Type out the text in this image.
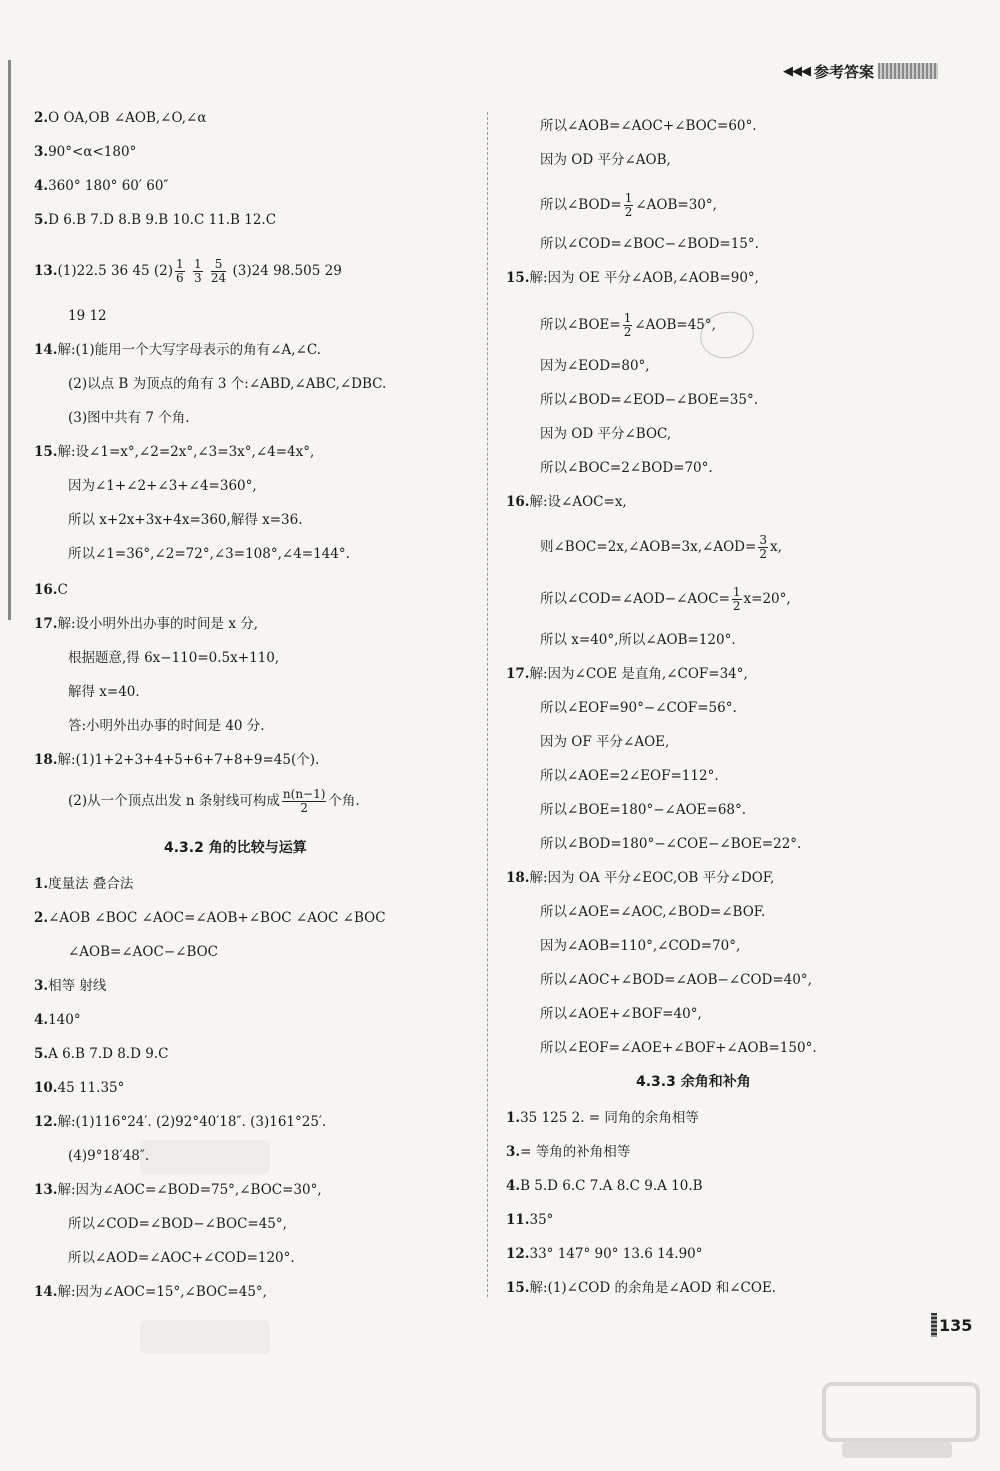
◀◀◀ 参考答案
2.O OA,OB ∠AOB,∠O,∠α
3.90°<α<180°
4.360° 180° 60′ 60″
5.D 6.B 7.D 8.B 9.B 10.C 11.B 12.C
13.(1)22.5 36 45 $(2) \frac{1}{6}$
$\frac{1}{3}$
$\frac{5}{24} (3)24$ 98.505 29
19 12
14.解:(1)能用一个大写字母表示的角有∠A,∠C.
(2)以点 B 为顶点的角有 3 个:∠ABD,∠ABC,∠DBC.
(3)图中共有 7 个角.
15.解:设∠1=x°,∠2=2x°,∠3=3x°,∠4=4x°,
因为∠1+∠2+∠3+∠4=360°,
所以 x+2x+3x+4x=360,解得 x=36.
所以∠1=36°,∠2=72°,∠3=108°,∠4=144°.
16.C
17.解:设小明外出办事的时间是 x 分,
根据题意,得 6x−110=0.5x+110,
解得 x=40.
答:小明外出办事的时间是 40 分.
18.解:(1)1+2+3+4+5+6+7+8+9=45(个).
(2)从一个顶点出发 n 条射线可构成 $\frac{n(n-1)}{2}$ 个角.
4.3.2 角的比较与运算
1.度量法 叠合法
2.∠AOB ∠BOC ∠AOC=∠AOB+∠BOC ∠AOC ∠BOC
∠AOB=∠AOC−∠BOC
3.相等 射线
4.140°
5.A 6.B 7.D 8.D 9.C
10.45 11.35°
12.解:(1)116°24′. (2)92°40′18″. (3)161°25′.
(4)9°18′48″.
13.解:因为∠AOC=∠BOD=75°,∠BOC=30°,
所以∠COD=∠BOD−∠BOC=45°,
所以∠AOD=∠AOC+∠COD=120°.
14.解:因为∠AOC=15°,∠BOC=45°,
所以∠AOB=∠AOC+∠BOC=60°.
因为 OD 平分∠AOB,
所以∠BOD= $\frac{1}{2}$ ∠AOB=30°,
所以∠COD=∠BOC−∠BOD=15°.
15.解:因为 OE 平分∠AOB,∠AOB=90°,
所以∠BOE= $\frac{1}{2}$ ∠AOB=45°,
因为∠EOD=80°,
所以∠BOD=∠EOD−∠BOE=35°.
因为 OD 平分∠BOC,
所以∠BOC=2∠BOD=70°.
16.解:设∠AOC=x,
则∠BOC=2x,∠AOB=3x,∠AOD= $\frac{3}{2} x$,
所以∠COD=∠AOD−∠AOC= $\frac{1}{2} x=20^\circ$,
所以 x=40°,所以∠AOB=120°.
17.解:因为∠COE 是直角,∠COF=34°,
所以∠EOF=90°−∠COF=56°.
因为 OF 平分∠AOE,
所以∠AOE=2∠EOF=112°.
所以∠BOE=180°−∠AOE=68°.
所以∠BOD=180°−∠COE−∠BOE=22°.
18.解:因为 OA 平分∠EOC,OB 平分∠DOF,
所以∠AOE=∠AOC,∠BOD=∠BOF.
因为∠AOB=110°,∠COD=70°,
所以∠AOC+∠BOD=∠AOB−∠COD=40°,
所以∠AOE+∠BOF=40°,
所以∠EOF=∠AOE+∠BOF+∠AOB=150°.
4.3.3 余角和补角
1.35 125 2. = 同角的余角相等
3.= 等角的补角相等
4.B 5.D 6.C 7.A 8.C 9.A 10.B
11.35°
12.33° 147° 90° 13.6 14.90°
15.解:(1)∠COD 的余角是∠AOD 和∠COE.
135
